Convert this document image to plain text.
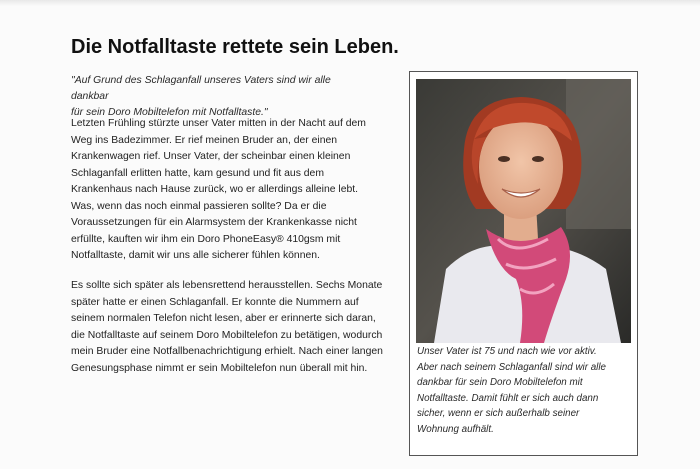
Die Notfalltaste rettete sein Leben.

"Auf Grund des Schlaganfall unseres Vaters sind wir alle dankbar
für sein Doro Mobiltelefon mit Notfalltaste."

Letzten Frühling stürzte unser Vater mitten in der Nacht auf dem
Weg ins Badezimmer. Er rief meinen Bruder an, der einen
Krankenwagen rief. Unser Vater, der scheinbar einen kleinen
Schlaganfall erlitten hatte, kam gesund und fit aus dem
Krankenhaus nach Hause zurück, wo er allerdings alleine lebt.
Was, wenn das noch einmal passieren sollte? Da er die
Voraussetzungen für ein Alarmsystem der Krankenkasse nicht
erfüllte, kauften wir ihm ein Doro PhoneEasy® 410gsm mit
Notfalltaste, damit wir uns alle sicherer fühlen können.

Es sollte sich später als lebensrettend herausstellen. Sechs Monate
später hatte er einen Schlaganfall. Er konnte die Nummern auf
seinem normalen Telefon nicht lesen, aber er erinnerte sich daran,
die Notfalltaste auf seinem Doro Mobiltelefon zu betätigen, wodurch
mein Bruder eine Notfallbenachrichtigung erhielt. Nach einer langen
Genesungsphase nimmt er sein Mobiltelefon nun überall mit hin.

Unser Vater ist 75 und nach wie vor aktiv.
Aber nach seinem Schlaganfall sind wir alle
dankbar für sein Doro Mobiltelefon mit
Notfalltaste. Damit fühlt er sich auch dann
sicher, wenn er sich außerhalb seiner
Wohnung aufhält.
